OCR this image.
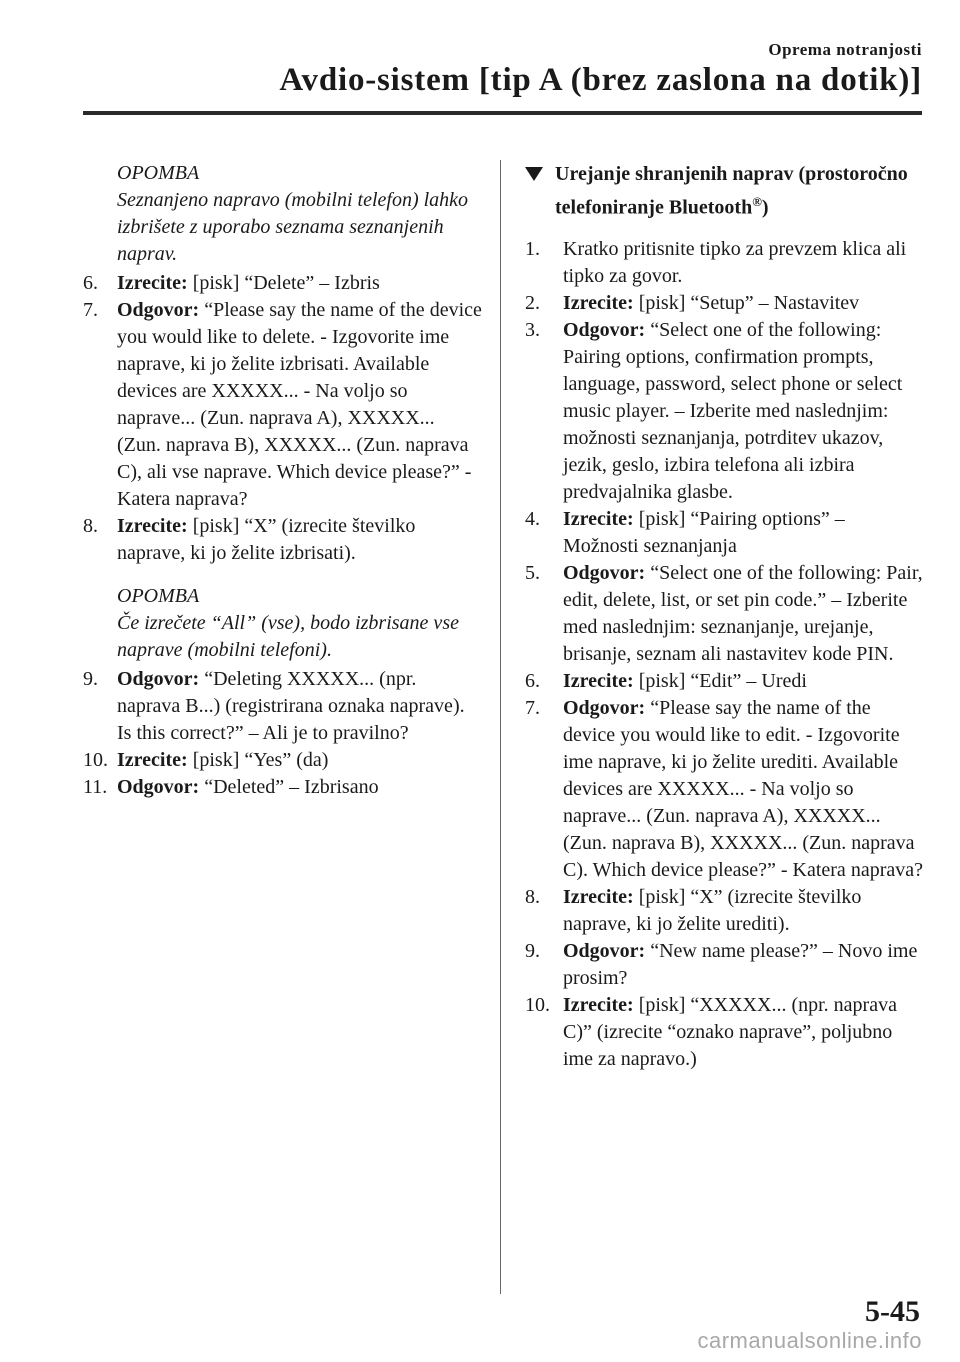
Oprema notranjosti
Avdio-sistem [tip A (brez zaslona na dotik)]
OPOMBA
Seznanjeno napravo (mobilni telefon) lahko izbrišete z uporabo seznama seznanjenih naprav.
6. Izrecite: [pisk] “Delete” – Izbris
7. Odgovor: “Please say the name of the device you would like to delete. - Izgovorite ime naprave, ki jo želite izbrisati. Available devices are XXXXX... - Na voljo so naprave... (Zun. naprava A), XXXXX... (Zun. naprava B), XXXXX... (Zun. naprava C), ali vse naprave. Which device please?” - Katera naprava?
8. Izrecite: [pisk] “X” (izrecite številko naprave, ki jo želite izbrisati).
OPOMBA
Če izrečete “All” (vse), bodo izbrisane vse naprave (mobilni telefoni).
9. Odgovor: “Deleting XXXXX... (npr. naprava B...) (registrirana oznaka naprave). Is this correct?” – Ali je to pravilno?
10. Izrecite: [pisk] “Yes” (da)
11. Odgovor: “Deleted” – Izbrisano
Urejanje shranjenih naprav (prostoročno telefoniranje Bluetooth®)
1. Kratko pritisnite tipko za prevzem klica ali tipko za govor.
2. Izrecite: [pisk] “Setup” – Nastavitev
3. Odgovor: “Select one of the following: Pairing options, confirmation prompts, language, password, select phone or select music player. – Izberite med naslednjim: možnosti seznanjanja, potrditev ukazov, jezik, geslo, izbira telefona ali izbira predvajalnika glasbe.
4. Izrecite: [pisk] “Pairing options” – Možnosti seznanjanja
5. Odgovor: “Select one of the following: Pair, edit, delete, list, or set pin code.” – Izberite med naslednjim: seznanjanje, urejanje, brisanje, seznam ali nastavitev kode PIN.
6. Izrecite: [pisk] “Edit” – Uredi
7. Odgovor: “Please say the name of the device you would like to edit. - Izgovorite ime naprave, ki jo želite urediti. Available devices are XXXXX... - Na voljo so naprave... (Zun. naprava A), XXXXX... (Zun. naprava B), XXXXX... (Zun. naprava C). Which device please?” - Katera naprava?
8. Izrecite: [pisk] “X” (izrecite številko naprave, ki jo želite urediti).
9. Odgovor: “New name please?” – Novo ime prosim?
10. Izrecite: [pisk] “XXXXX... (npr. naprava C)” (izrecite “oznako naprave”, poljubno ime za napravo.)
5-45
carmanualsonline.info
